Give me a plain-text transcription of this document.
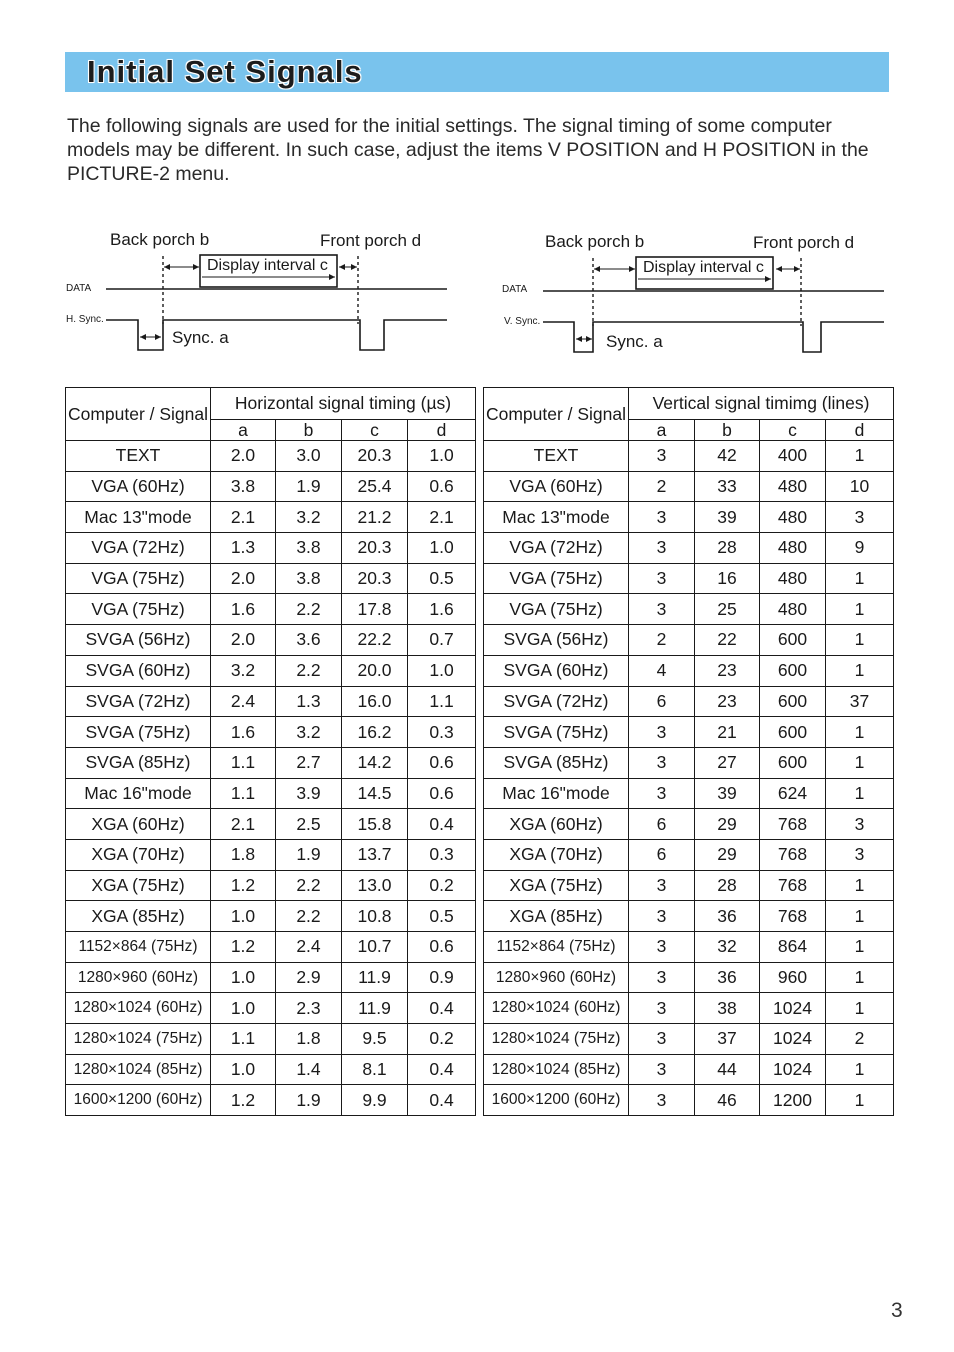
Initial Set Signals

The following signals are used for the initial settings. The signal timing of some computer models may be different. In such case, adjust the items V POSITION and H POSITION in the PICTURE-2 menu.

Back porch b	Front porch d
Display interval c
DATA
H. Sync.
Sync. a
Back porch b	Front porch d
Display interval c
DATA
V. Sync.
Sync. a
Computer / Signal	Horizontal signal timing (µs)			
	a	b	c	d
TEXT	2.0	3.0	20.3	1.0
VGA (60Hz)	3.8	1.9	25.4	0.6
Mac 13"mode	2.1	3.2	21.2	2.1
VGA (72Hz)	1.3	3.8	20.3	1.0
VGA (75Hz)	2.0	3.8	20.3	0.5
VGA (75Hz)	1.6	2.2	17.8	1.6
SVGA (56Hz)	2.0	3.6	22.2	0.7
SVGA (60Hz)	3.2	2.2	20.0	1.0
SVGA (72Hz)	2.4	1.3	16.0	1.1
SVGA (75Hz)	1.6	3.2	16.2	0.3
SVGA (85Hz)	1.1	2.7	14.2	0.6
Mac 16"mode	1.1	3.9	14.5	0.6
XGA (60Hz)	2.1	2.5	15.8	0.4
XGA (70Hz)	1.8	1.9	13.7	0.3
XGA (75Hz)	1.2	2.2	13.0	0.2
XGA (85Hz)	1.0	2.2	10.8	0.5
1152×864 (75Hz)	1.2	2.4	10.7	0.6
1280×960 (60Hz)	1.0	2.9	11.9	0.9
1280×1024 (60Hz)	1.0	2.3	11.9	0.4
1280×1024 (75Hz)	1.1	1.8	9.5	0.2
1280×1024 (85Hz)	1.0	1.4	8.1	0.4
1600×1200 (60Hz)	1.2	1.9	9.9	0.4
Computer / Signal	Vertical signal timimg (lines)			
	a	b	c	d
TEXT	3	42	400	1
VGA (60Hz)	2	33	480	10
Mac 13"mode	3	39	480	3
VGA (72Hz)	3	28	480	9
VGA (75Hz)	3	16	480	1
VGA (75Hz)	3	25	480	1
SVGA (56Hz)	2	22	600	1
SVGA (60Hz)	4	23	600	1
SVGA (72Hz)	6	23	600	37
SVGA (75Hz)	3	21	600	1
SVGA (85Hz)	3	27	600	1
Mac 16"mode	3	39	624	1
XGA (60Hz)	6	29	768	3
XGA (70Hz)	6	29	768	3
XGA (75Hz)	3	28	768	1
XGA (85Hz)	3	36	768	1
1152×864 (75Hz)	3	32	864	1
1280×960 (60Hz)	3	36	960	1
1280×1024 (60Hz)	3	38	1024	1
1280×1024 (75Hz)	3	37	1024	2
1280×1024 (85Hz)	3	44	1024	1
1600×1200 (60Hz)	3	46	1200	1
3
